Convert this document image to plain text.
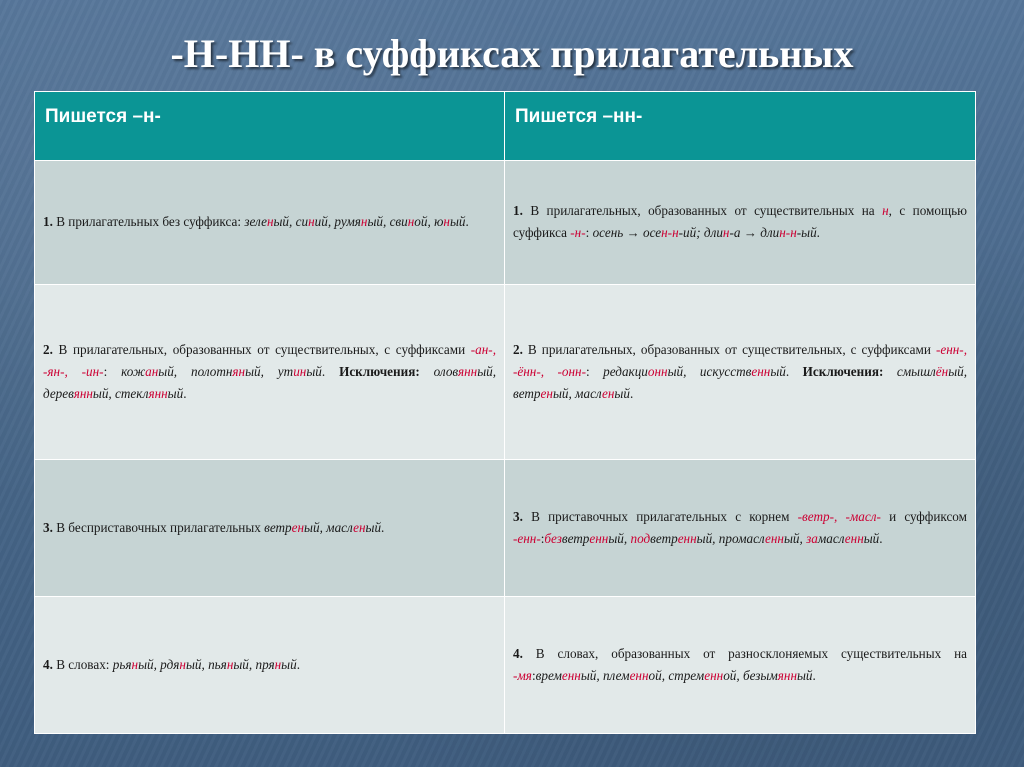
-Н-НН- в суффиксах прилагательных
Пишется –н-	Пишется –нн-
1. В прилагательных без суффикса: зеленый, синий, румяный, свиной, юный.	1. В прилагательных, образованных от существительных на н, с помощью суффикса -н-: осень → осен-н-ий; длин-а → длин-н-ый.
2. В прилагательных, образованных от существительных, с суффиксами -ан-, -ян-, -ин-: кожаный, полотняный, утиный. Исключения: оловянный, деревянный, стеклянный.	2. В прилагательных, образованных от существительных, с суффиксами -енн-, -ённ-, -онн-: редакционный, искусственный. Исключения: смышлёный, ветреный, масленый.
3. В бесприставочных прилагательных ветреный, масленый.	3. В приставочных прилагательных с корнем -ветр-, -масл- и суффиксом -енн-:безветренный, подветренный, промасленный, замасленный.
4. В словах: рьяный, рдяный, пьяный, пряный.	4. В словах, образованных от разносклоняемых существительных на -мя:временный, племенной, стременной, безымянный.
